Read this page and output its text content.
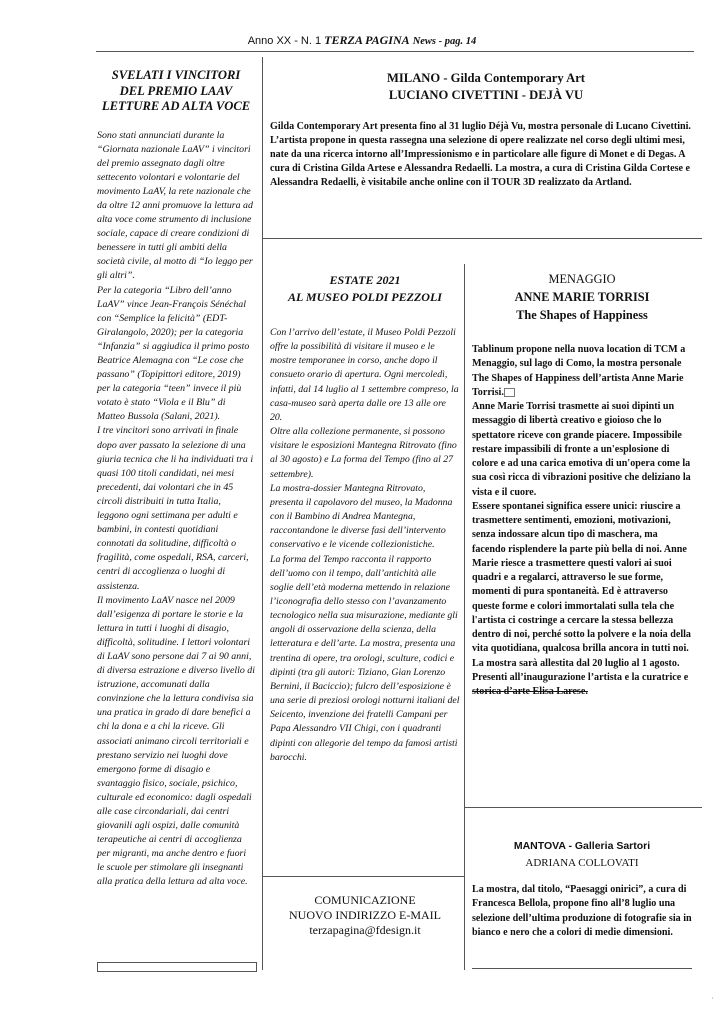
Anno XX - N. 1 TERZA PAGINA News - pag. 14
SVELATI I VINCITORI
DEL PREMIO LAAV
LETTURE AD ALTA VOCE

Sono stati annunciati durante la “Giornata nazionale LaAV” i vincitori del premio assegnato dagli oltre settecento volontari e volontarie del movimento LaAV, la rete nazionale che da oltre 12 anni promuove la lettura ad alta voce come strumento di inclusione sociale, capace di creare condizioni di benessere in tutti gli ambiti della società civile, al motto di “Io leggo per gli altri”.

Per la categoria “Libro dell’anno LaAV” vince Jean-François Sénéchal con “Semplice la felicità” (EDT-Giralangolo, 2020); per la categoria “Infanzia” si aggiudica il primo posto Beatrice Alemagna con “Le cose che passano” (Topipittori editore, 2019) per la categoria “teen” invece il più votato è stato “Viola e il Blu” di Matteo Bussola (Salani, 2021).

I tre vincitori sono arrivati in finale dopo aver passato la selezione di una giuria tecnica che li ha individuati tra i quasi 100 titoli candidati, nei mesi precedenti, dai volontari che in 45 circoli distribuiti in tutta Italia, leggono ogni settimana per adulti e bambini, in contesti quotidiani connotati da solitudine, difficoltà o fragilità, come ospedali, RSA, carceri, centri di accoglienza o luoghi di assistenza.

Il movimento LaAV nasce nel 2009 dall’esigenza di portare le storie e la lettura in tutti i luoghi di disagio, difficoltà, solitudine. I lettori volontari di LaAV sono persone dai 7 ai 90 anni, di diversa estrazione e diverso livello di istruzione, accomunati dalla convinzione che la lettura condivisa sia una pratica in grado di dare benefici a chi la dona e a chi la riceve. Gli associati animano circoli territoriali e prestano servizio nei luoghi dove emergono forme di disagio e svantaggio fisico, sociale, psichico, culturale ed economico: dagli ospedali alle case circondariali, dai centri giovanili agli ospizi, dalle comunità terapeutiche ai centri di accoglienza per migranti, ma anche dentro e fuori le scuole per stimolare gli insegnanti alla pratica della lettura ad alta voce.

MILANO - Gilda Contemporary Art
LUCIANO CIVETTINI - DEJÀ VU

Gilda Contemporary Art presenta fino al 31 luglio Déjà Vu, mostra personale di Lucano Civettini.

L’artista propone in questa rassegna una selezione di opere realizzate nel corso degli ultimi mesi, nate da una ricerca intorno all’Impressionismo e in particolare alle figure di Monet e di Degas. A cura di Cristina Gilda Artese e Alessandra Redaelli. La mostra, a cura di Cristina Gilda Cortese e Alessandra Redaelli, è visitabile anche online con il TOUR 3D realizzato da Artland.

ESTATE 2021
AL MUSEO POLDI PEZZOLI

Con l’arrivo dell’estate, il Museo Poldi Pezzoli offre la possibilità di visitare il museo e le mostre temporanee in corso, anche dopo il consueto orario di apertura. Ogni mercoledì, infatti, dal 14 luglio al 1 settembre compreso, la casa-museo sarà aperta dalle ore 13 alle ore 20.

Oltre alla collezione permanente, si possono visitare le esposizioni Mantegna Ritrovato (fino al 30 agosto) e La forma del Tempo (fino al 27 settembre).

La mostra-dossier Mantegna Ritrovato, presenta il capolavoro del museo, la Madonna con il Bambino di Andrea Mantegna, raccontandone le diverse fasi dell’intervento conservativo e le vicende collezionistiche.

La forma del Tempo racconta il rapporto dell’uomo con il tempo, dall’antichità alle soglie dell’età moderna mettendo in relazione l’iconografia dello stesso con l’avanzamento tecnologico nella sua misurazione, mediante gli angoli di osservazione della scienza, della letteratura e dell’arte. La mostra, presenta una trentina di opere, tra orologi, sculture, codici e dipinti (tra gli autori: Tiziano, Gian Lorenzo Bernini, il Baciccio); fulcro dell’esposizione è una serie di preziosi orologi notturni italiani del Seicento, invenzione dei fratelli Campani per Papa Alessandro VII Chigi, con i quadranti dipinti con allegorie del tempo da famosi artisti barocchi.

COMUNICAZIONE
NUOVO INDIRIZZO E-MAIL
terzapagina@fdesign.it
MENAGGIO
ANNE MARIE TORRISI
The Shapes of Happiness

Tablinum propone nella nuova location di TCM a Menaggio, sul lago di Como, la mostra personale The Shapes of Happiness dell’artista Anne Marie Torrisi.

Anne Marie Torrisi trasmette ai suoi dipinti un messaggio di libertà creativo e gioioso che lo spettatore riceve con grande piacere. Impossibile restare impassibili di fronte a un'esplosione di colore e ad una carica emotiva di un'opera come la sua così ricca di vibrazioni positive che deliziano la vista e il cuore.

Essere spontanei significa essere unici: riuscire a trasmettere sentimenti, emozioni, motivazioni, senza indossare alcun tipo di maschera, ma facendo risplendere la parte più bella di noi. Anne Marie riesce a trasmettere questi valori ai suoi quadri e a regalarci, attraverso le sue forme, momenti di pura spontaneità. Ed è attraverso queste forme e colori immortalati sulla tela che l'artista ci costringe a cercare la stessa bellezza dentro di noi, perché sotto la polvere e la noia della vita quotidiana, qualcosa brilla ancora in tutti noi.

La mostra sarà allestita dal 20 luglio al 1 agosto. Presenti all’inaugurazione l’artista e la curatrice e storica d’arte Elisa Larese.

MANTOVA - Galleria Sartori
ADRIANA COLLOVATI

La mostra, dal titolo, “Paesaggi onirici”, a cura di Francesca Bellola, propone fino all’8 luglio una selezione dell’ultima produzione di fotografie sia in bianco e nero che a colori di medie dimensioni.

·
